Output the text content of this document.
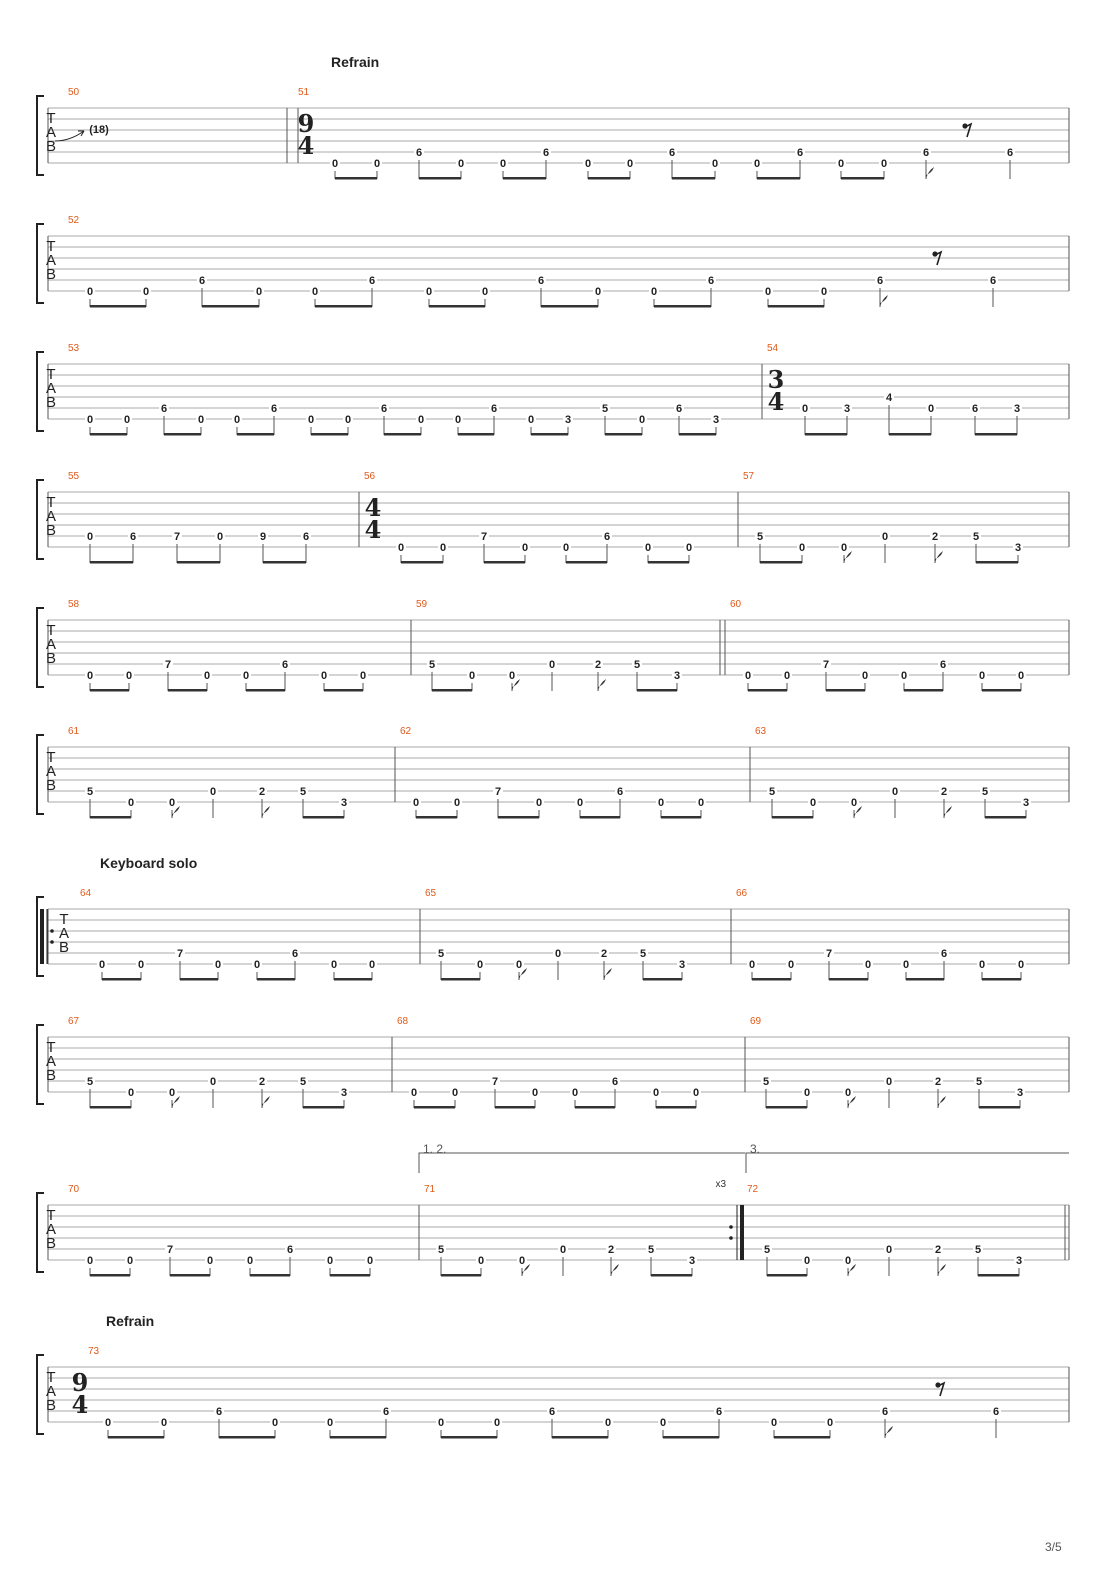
T
A
B
50
(18)
51
9
4
0	0
6
0	0
6
0	0
6
0	0
6
0	0
6	6
T
A
B
52
0	0
6
0	0
6
0	0
6
0	0
6
0	0
6	6
T
A
B
53
0	0
6
0	0
6
0	0
6
0	0
6
0	3
5
0
6
3
54
3
4 0	3
4
0	6	3
T
A
B
55
0	6	7	0	9	6
56
4
4
0	0
7
0	0
6
0	0
57
5
0	0
0	2	5
3
T
A
B
58
0	0
7
0	0
6
0	0
59
5
0	0
0	2	5
3
60
0	0
7
0	0
6
0	0
T
A
B
61
5
0	0
0	2	5
3
62
0	0
7
0	0
6
0	0
63
5
0	0
0	2	5
3
T
A
B
64
0	0
7
0	0
6
0	0
65
5
0	0
0	2	5
3
66
0	0
7
0	0
6
0	0
T
A
B
67
5
0	0
0	2	5
3
68
0	0
7
0	0
6
0	0
69
5
0	0
0	2	5
3
T
A
B
70
0	0
7
0	0
6
0	0
71
5
0	0
0	2	5
3
72
x3
5
0	0
0	2	5
3
T
A
B
73
9
4
0	0
6
0	0
6
0	0
6
0	0
6
0	0
6	6
Refrain
Keyboard solo
Refrain
1. 2.	3.
3/5
